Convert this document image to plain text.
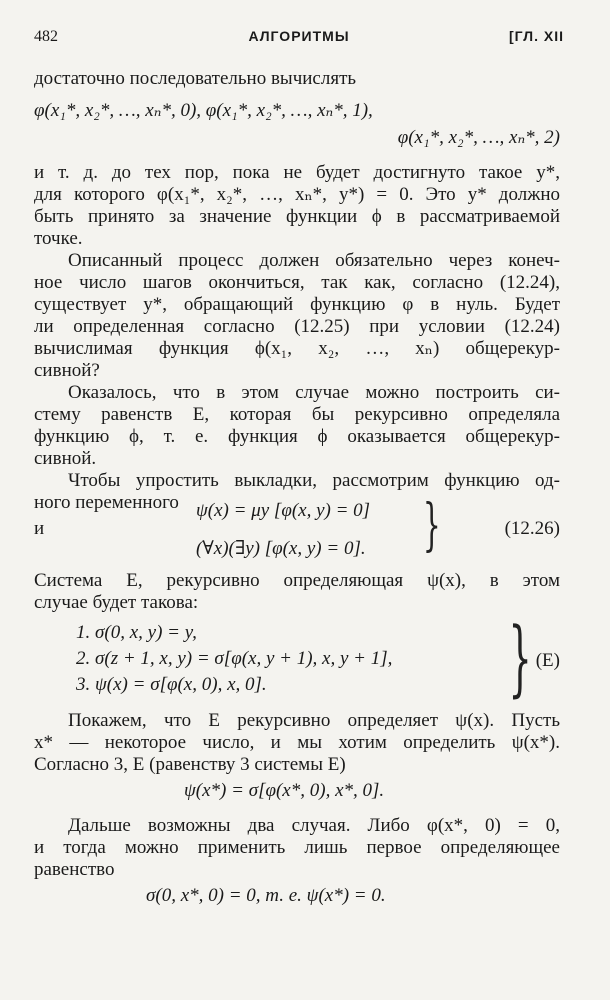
482	АЛГОРИТМЫ	[ГЛ. XII
достаточно последовательно вычислять
φ(x₁*, x₂*, …, xₙ*, 0), φ(x₁*, x₂*, …, xₙ*, 1),
φ(x₁*, x₂*, …, xₙ*, 2)
и т. д. до тех пор, пока не будет достигнуто такое y*,
для которого φ(x₁*, x₂*, …, xₙ*, y*) = 0. Это y* должно
быть принято за значение функции ϕ в рассматриваемой
точке.
Описанный процесс должен обязательно через конеч-
ное число шагов окончиться, так как, согласно (12.24),
существует y*, обращающий функцию φ в нуль. Будет
ли определенная согласно (12.25) при условии (12.24)
вычислимая функция ϕ(x₁, x₂, …, xₙ) общерекур-
сивной?
Оказалось, что в этом случае можно построить си-
стему равенств E, которая бы рекурсивно определяла
функцию ϕ, т. е. функция ϕ оказывается общерекур-
сивной.
Чтобы упростить выкладки, рассмотрим функцию од-
ного переменного ψ(x) = μy [φ(x, y) = 0]
и
(∀x)(∃y) [φ(x, y) = 0]. }	(12.26)
Система E, рекурсивно определяющая ψ(x), в этом
случае будет такова:
1. σ(0, x, y) = y,
2. σ(z + 1, x, y) = σ[φ(x, y + 1), x, y + 1],
3. ψ(x) = σ[φ(x, 0), x, 0].	} (E)
Покажем, что E рекурсивно определяет ψ(x). Пусть
x* — некоторое число, и мы хотим определить ψ(x*).
Согласно 3, E (равенству 3 системы E)
ψ(x*) = σ[φ(x*, 0), x*, 0].
Дальше возможны два случая. Либо φ(x*, 0) = 0,
и тогда можно применить лишь первое определяющее
равенство
σ(0, x*, 0) = 0, т. е. ψ(x*) = 0.
